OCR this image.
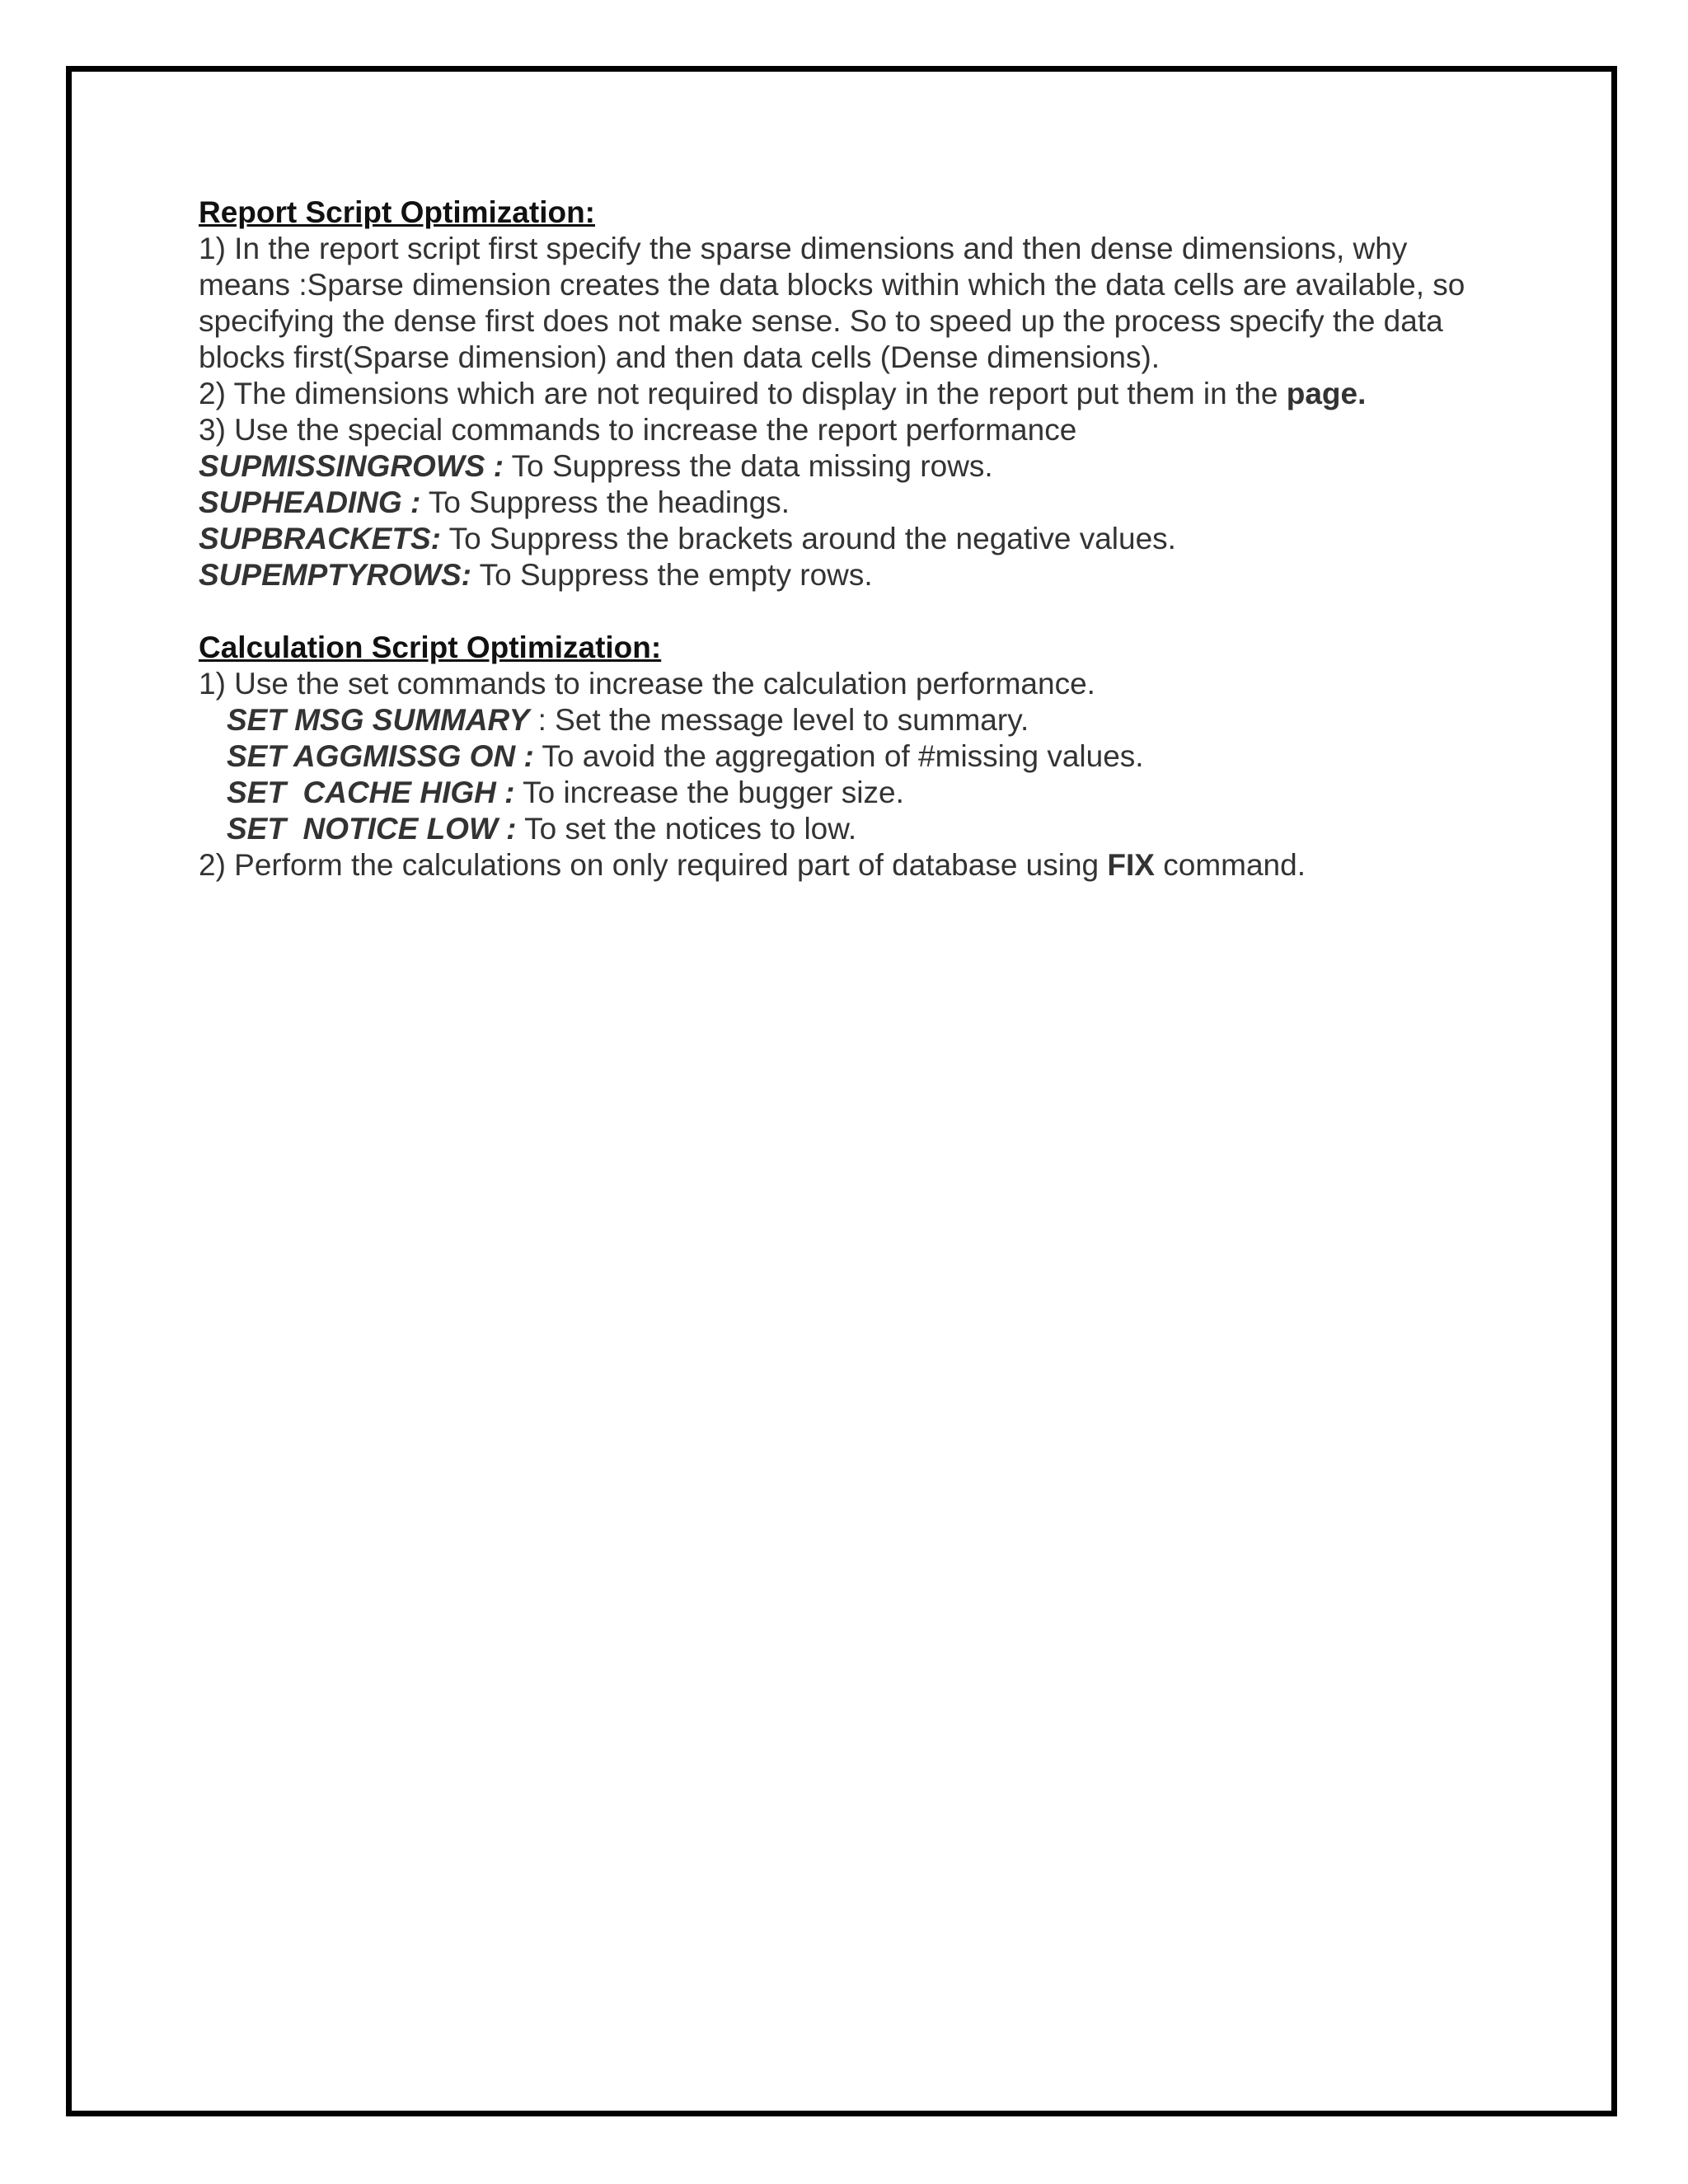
Report Script Optimization:
1) In the report script first specify the sparse dimensions and then dense dimensions, why means :Sparse dimension creates the data blocks within which the data cells are available, so specifying the dense first does not make sense. So to speed up the process specify the data blocks first(Sparse dimension) and then data cells (Dense dimensions).
2) The dimensions which are not required to display in the report put them in the page.
3) Use the special commands to increase the report performance
SUPMISSINGROWS : To Suppress the data missing rows.
SUPHEADING : To Suppress the headings.
SUPBRACKETS: To Suppress the brackets around the negative values.
SUPEMPTYROWS: To Suppress the empty rows.
Calculation Script Optimization:
1) Use the set commands to increase the calculation performance.
SET MSG SUMMARY : Set the message level to summary.
SET AGGMISSG ON : To avoid the aggregation of #missing values.
SET  CACHE HIGH : To increase the bugger size.
SET  NOTICE LOW : To set the notices to low.
2) Perform the calculations on only required part of database using FIX command.
